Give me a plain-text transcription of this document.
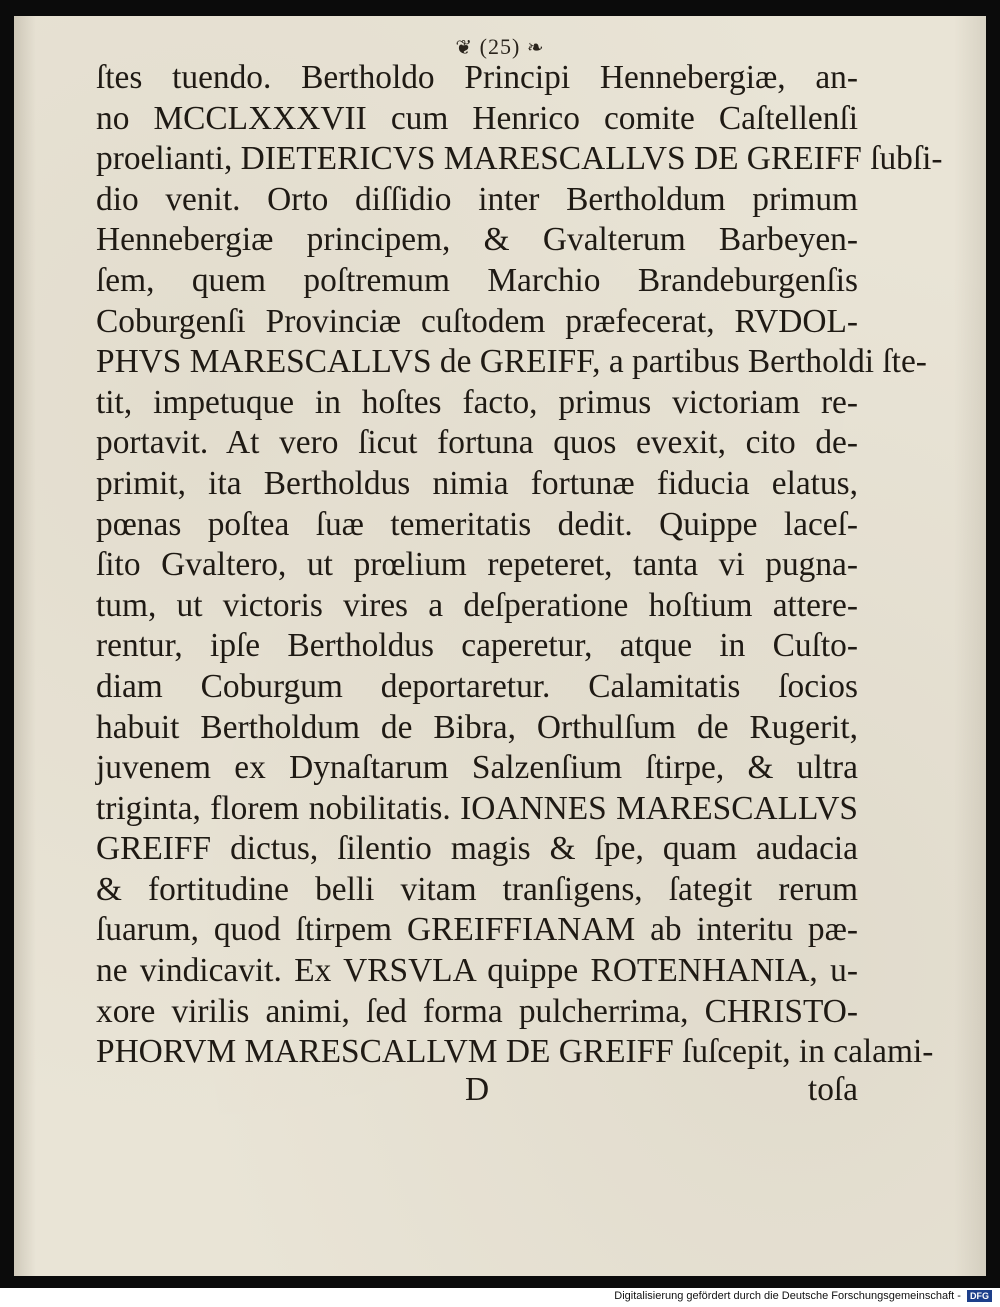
❦ (25) ❧
ſtes tuendo. Bertholdo Principi Hennebergiæ, an-
no MCCLXXXVII cum Henrico comite Caſtellenſi
proelianti, DIETERICVS MARESCALLVS DE GREIFF ſubſi-
dio venit. Orto diſſidio inter Bertholdum primum
Hennebergiæ principem, & Gvalterum Barbeyen-
ſem, quem poſtremum Marchio Brandeburgenſis
Coburgenſi Provinciæ cuſtodem præfecerat, RVDOL-
PHVS MARESCALLVS de GREIFF, a partibus Bertholdi ſte-
tit, impetuque in hoſtes facto, primus victoriam re-
portavit. At vero ſicut fortuna quos evexit, cito de-
primit, ita Bertholdus nimia fortunæ fiducia elatus,
pœnas poſtea ſuæ temeritatis dedit. Quippe laceſ-
ſito Gvaltero, ut prœlium repeteret, tanta vi pugna-
tum, ut victoris vires a deſperatione hoſtium attere-
rentur, ipſe Bertholdus caperetur, atque in Cuſto-
diam Coburgum deportaretur. Calamitatis ſocios
habuit Bertholdum de Bibra, Orthulſum de Rugerit,
juvenem ex Dynaſtarum Salzenſium ſtirpe, & ultra
triginta, florem nobilitatis. IOANNES MARESCALLVS
GREIFF dictus, ſilentio magis & ſpe, quam audacia
& fortitudine belli vitam tranſigens, ſategit rerum
ſuarum, quod ſtirpem GREIFFIANAM ab interitu pæ-
ne vindicavit. Ex VRSVLA quippe ROTENHANIA, u-
xore virilis animi, ſed forma pulcherrima, CHRISTO-
PHORVM MARESCALLVM DE GREIFF ſuſcepit, in calami-
D	toſa
Digitalisierung gefördert durch die Deutsche Forschungsgemeinschaft - DFG
